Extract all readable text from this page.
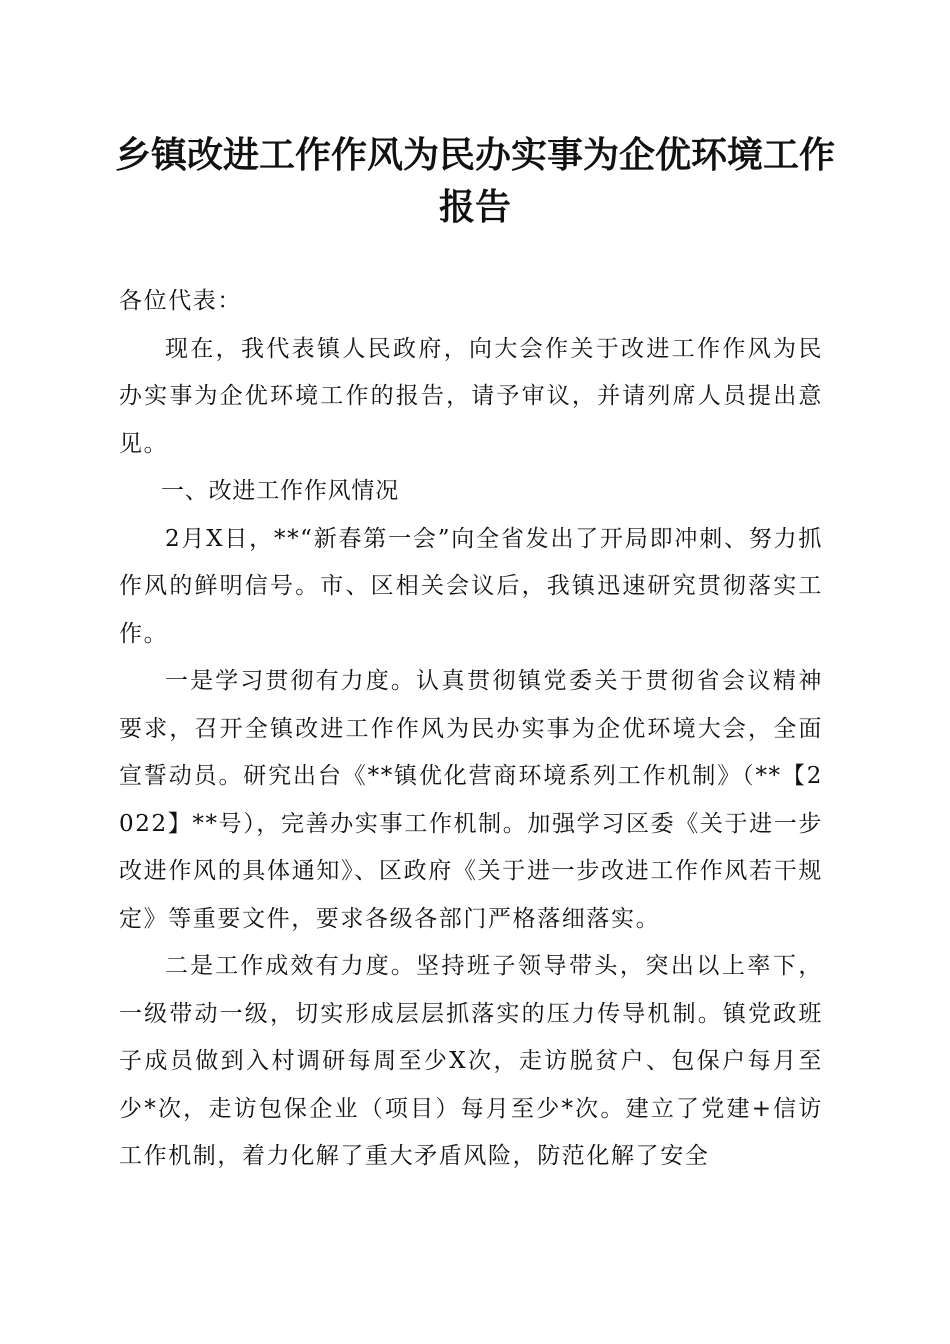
乡镇改进工作作风为民办实事为企优环境工作
报告

各位代表：

现在，我代表镇人民政府，向大会作关于改进工作作风为民办实事为企优环境工作的报告，请予审议，并请列席人员提出意见。

一、改进工作作风情况

2月X日，**“新春第一会”向全省发出了开局即冲刺、努力抓作风的鲜明信号。市、区相关会议后，我镇迅速研究贯彻落实工作。

一是学习贯彻有力度。认真贯彻镇党委关于贯彻省会议精神要求，召开全镇改进工作作风为民办实事为企优环境大会，全面宣誓动员。研究出台《**镇优化营商环境系列工作机制》（**【2022】**号），完善办实事工作机制。加强学习区委《关于进一步改进作风的具体通知》、区政府《关于进一步改进工作作风若干规定》等重要文件，要求各级各部门严格落细落实。

二是工作成效有力度。坚持班子领导带头，突出以上率下，一级带动一级，切实形成层层抓落实的压力传导机制。镇党政班子成员做到入村调研每周至少X次，走访脱贫户、包保户每月至少*次，走访包保企业（项目）每月至少*次。建立了党建+信访工作机制，着力化解了重大矛盾风险，防范化解了安全
